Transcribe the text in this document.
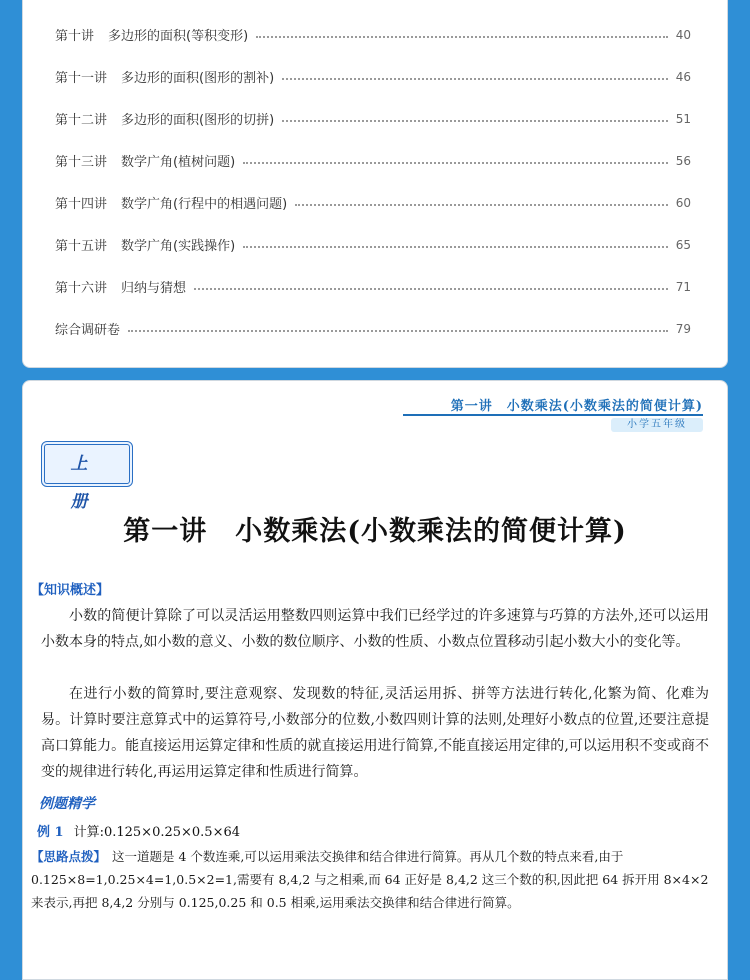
第十讲 多边形的面积(等积变形)	40
第十一讲 多边形的面积(图形的割补)	46
第十二讲 多边形的面积(图形的切拼)	51
第十三讲 数学广角(植树问题)	56
第十四讲 数学广角(行程中的相遇问题)	60
第十五讲 数学广角(实践操作)	65
第十六讲 归纳与猜想	71
综合调研卷	79
第一讲　小数乘法(小数乘法的简便计算)
小学五年级
上 册
第一讲　小数乘法(小数乘法的简便计算)
【知识概述】

小数的简便计算除了可以灵活运用整数四则运算中我们已经学过的许多速算与巧算的方法外,还可以运用小数本身的特点,如小数的意义、小数的数位顺序、小数的性质、小数点位置移动引起小数大小的变化等。

在进行小数的简算时,要注意观察、发现数的特征,灵活运用拆、拼等方法进行转化,化繁为简、化难为易。计算时要注意算式中的运算符号,小数部分的位数,小数四则计算的法则,处理好小数点的位置,还要注意提高口算能力。能直接运用运算定律和性质的就直接运用进行简算,不能直接运用定律的,可以运用积不变或商不变的规律进行转化,再运用运算定律和性质进行简算。

例题精学
例 1 计算:0.125×0.25×0.5×64

【思路点拨】 这一道题是 4 个数连乘,可以运用乘法交换律和结合律进行简算。再从几个数的特点来看,由于 0.125×8=1,0.25×4=1,0.5×2=1,需要有 8,4,2 与之相乘,而 64 正好是 8,4,2 这三个数的积,因此把 64 拆开用 8×4×2 来表示,再把 8,4,2 分别与 0.125,0.25 和 0.5 相乘,运用乘法交换律和结合律进行简算。
